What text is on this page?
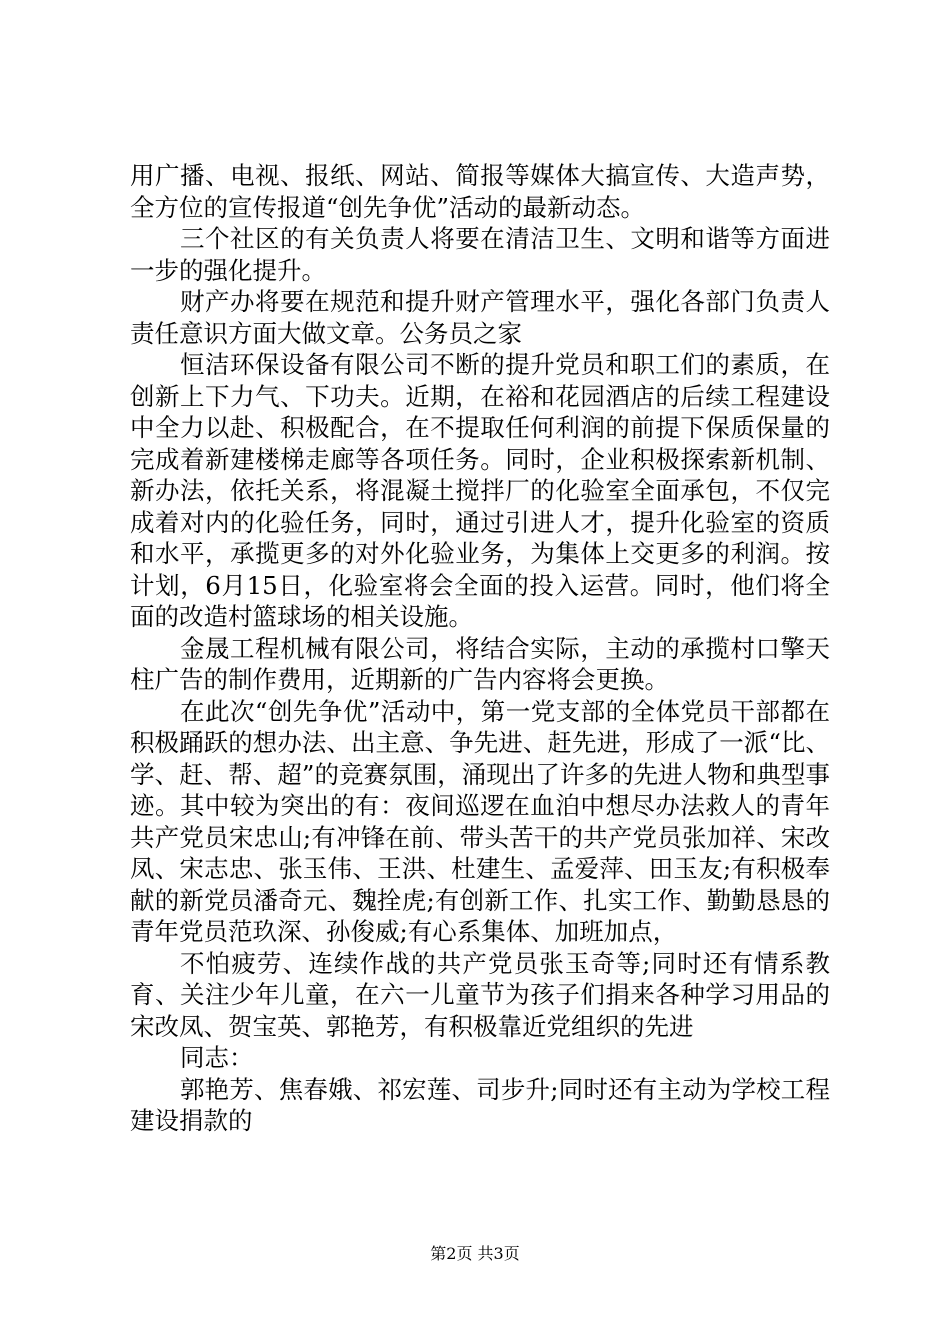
用广播、电视、报纸、网站、简报等媒体大搞宣传、大造声势，全方位的宣传报道“创先争优”活动的最新动态。

三个社区的有关负责人将要在清洁卫生、文明和谐等方面进一步的强化提升。

财产办将要在规范和提升财产管理水平，强化各部门负责人责任意识方面大做文章。公务员之家

恒洁环保设备有限公司不断的提升党员和职工们的素质，在创新上下力气、下功夫。近期，在裕和花园酒店的后续工程建设中全力以赴、积极配合，在不提取任何利润的前提下保质保量的完成着新建楼梯走廊等各项任务。同时，企业积极探索新机制、新办法，依托关系，将混凝土搅拌厂的化验室全面承包，不仅完成着对内的化验任务，同时，通过引进人才，提升化验室的资质和水平，承揽更多的对外化验业务，为集体上交更多的利润。按计划，6月15日，化验室将会全面的投入运营。同时，他们将全面的改造村篮球场的相关设施。

金晟工程机械有限公司，将结合实际，主动的承揽村口擎天柱广告的制作费用，近期新的广告内容将会更换。

在此次“创先争优”活动中，第一党支部的全体党员干部都在积极踊跃的想办法、出主意、争先进、赶先进，形成了一派“比、学、赶、帮、超”的竞赛氛围，涌现出了许多的先进人物和典型事迹。其中较为突出的有：夜间巡逻在血泊中想尽办法救人的青年共产党员宋忠山;有冲锋在前、带头苦干的共产党员张加祥、宋改凤、宋志忠、张玉伟、王洪、杜建生、孟爱萍、田玉友;有积极奉献的新党员潘奇元、魏拴虎;有创新工作、扎实工作、勤勤恳恳的青年党员范玖深、孙俊威;有心系集体、加班加点，

不怕疲劳、连续作战的共产党员张玉奇等;同时还有情系教育、关注少年儿童，在六一儿童节为孩子们捐来各种学习用品的宋改凤、贺宝英、郭艳芳，有积极靠近党组织的先进

同志：

郭艳芳、焦春娥、祁宏莲、司步升;同时还有主动为学校工程建设捐款的

第2页 共3页
